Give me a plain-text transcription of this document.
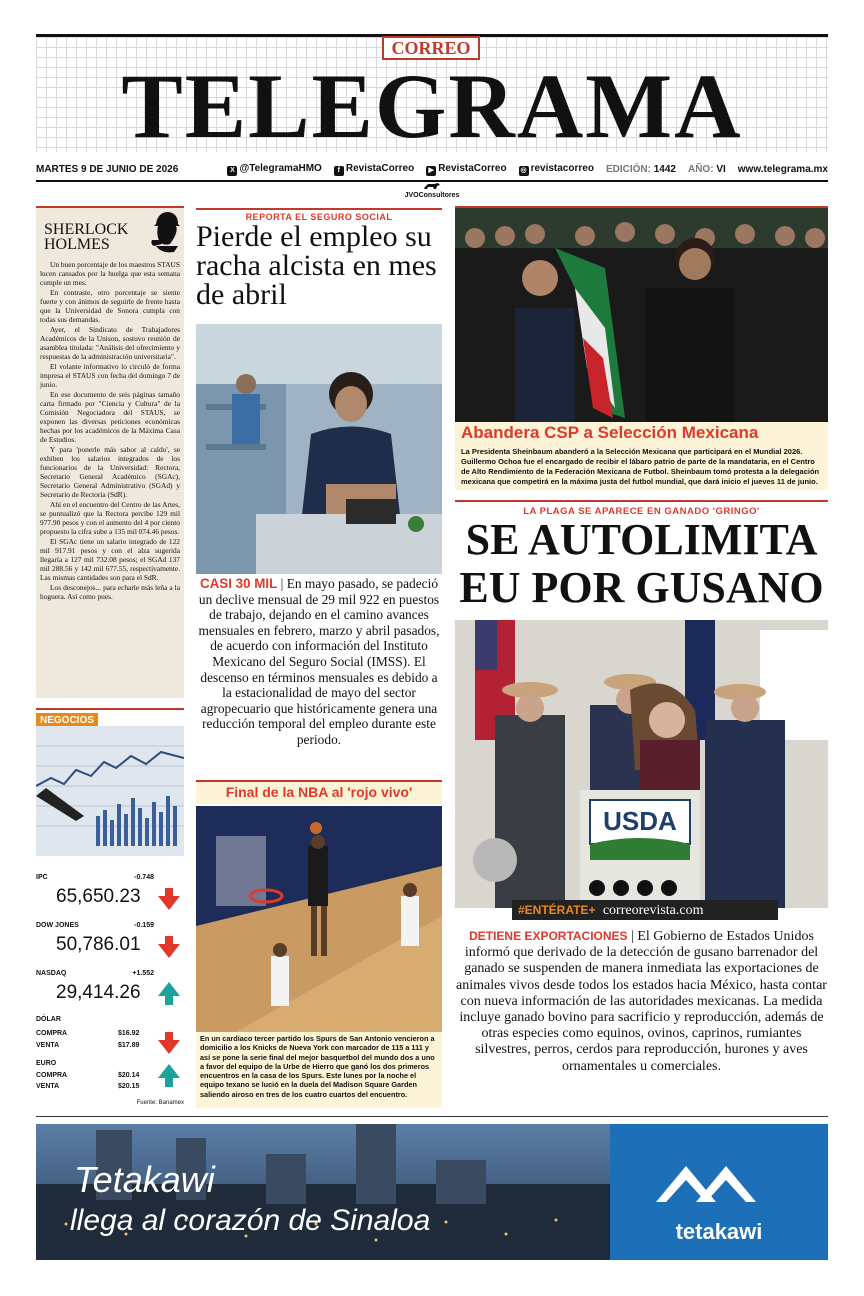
CORREO
TELEGRAMA
MARTES 9 DE JUNIO DE 2026	X @TelegramaHMO	f RevistaCorreo	▶ RevistaCorreo ◎ revistacorreo EDICIÓN: 1442 AÑO: VI www.telegrama.mx
JVOConsultores
SHERLOCK
HOLMES

Un buen porcentaje de los maestros STAUS lucen cansados por la huelga que esta semana cumple un mes.

En contraste, otro porcentaje se siente fuerte y con ánimos de seguirle de frente hasta que la Universidad de Sonora cumpla con todas sus demandas.

Ayer, el Sindicato de Trabajadores Académicos de la Unison, sostuvo reunión de asamblea titulada: "Análisis del ofrecimiento y respuestas de la administración universitaria".

El volante informativo lo circuló de forma impresa el STAUS con fecha del domingo 7 de junio.

En ese documento de seis páginas tamaño carta firmado por "Ciencia y Cultura" de la Comisión Negociadora del STAUS, se exponen las diversas peticiones económicas hechas por los académicos de la Máxima Casa de Estudios.

Y para 'ponerle más sabor al caldo', se exhiben los salarios integrados de los funcionarios de la Universidad: Rectora, Secretario General Académico (SGAc), Secretario General Administrativo (SGAd) y Secretario de Rectoría (SdR).

Ahí en el encuentro del Centro de las Artes, se puntualizó que la Rectora percibe 129 mil 977.90 pesos y con el aumento del 4 por ciento propuesto la cifra sube a 135 mil 074.46 pesos.

El SGAc tiene un salario integrado de 122 mil 917.91 pesos y con el alza sugerida llegaría a 127 mil 732.08 pesos; el SGAd 137 mil 288.56 y 142 mil 677.55, respectivamente. Las mismas cantidades son para el SdR.

Los desconejos... para echarle más leña a la hoguera. Así como pues.

NEGOCIOS
IPC	-0.748
65,650.23
DOW JONES	-0.159
50,786.01
NASDAQ	+1.552
29,414.26
DÓLAR
COMPRA	$16.92
VENTA	$17.89
EURO
COMPRA	$20.14
VENTA	$20.15
Fuente: Banamex
REPORTA EL SEGURO SOCIAL
Pierde el empleo su racha alcista en mes de abril
CASI 30 MIL | En mayo pasado, se padeció un declive mensual de 29 mil 922 en puestos de trabajo, dejando en el camino avances mensuales en febrero, marzo y abril pasados, de acuerdo con información del Instituto Mexicano del Seguro Social (IMSS). El descenso en términos mensuales es debido a la estacionalidad de mayo del sector agropecuario que históricamente genera una reducción temporal del empleo durante este periodo.
Final de la NBA al 'rojo vivo'
En un cardiaco tercer partido los Spurs de San Antonio vencieron a domicilio a los Knicks de Nueva York con marcador de 115 a 111 y así se pone la serie final del mejor basquetbol del mundo dos a uno a favor del equipo de la Urbe de Hierro que ganó los dos primeros encuentros en la casa de los Spurs. Este lunes por la noche el equipo texano se lució en la duela del Madison Square Garden saliendo airoso en tres de los cuatro cuartos del encuentro.
Abandera CSP a Selección Mexicana
La Presidenta Sheinbaum abanderó a la Selección Mexicana que participará en el Mundial 2026. Guillermo Ochoa fue el encargado de recibir el lábaro patrio de parte de la mandataria, en el Centro de Alto Rendimiento de la Federación Mexicana de Futbol. Sheinbaum tomó protesta a la delegación mexicana que competirá en la máxima justa del futbol mundial, que dará inicio el jueves 11 de junio.
LA PLAGA SE APARECE EN GANADO 'GRINGO'
SE AUTOLIMITA
EU POR GUSANO
USDA
#ENTÉRATE+ correorevista.com
DETIENE EXPORTACIONES | El Gobierno de Estados Unidos informó que derivado de la detección de gusano barrenador del ganado se suspenden de manera inmediata las exportaciones de animales vivos desde todos los estados hacia México, hasta contar con nueva información de las autoridades mexicanas. La medida incluye ganado bovino para sacrificio y reproducción, además de otras especies como equinos, ovinos, caprinos, rumiantes silvestres, perros, cerdos para reproducción, hurones y aves ornamentales u comerciales.
tetakawi
Tetakawi
llega al corazón de Sinaloa
